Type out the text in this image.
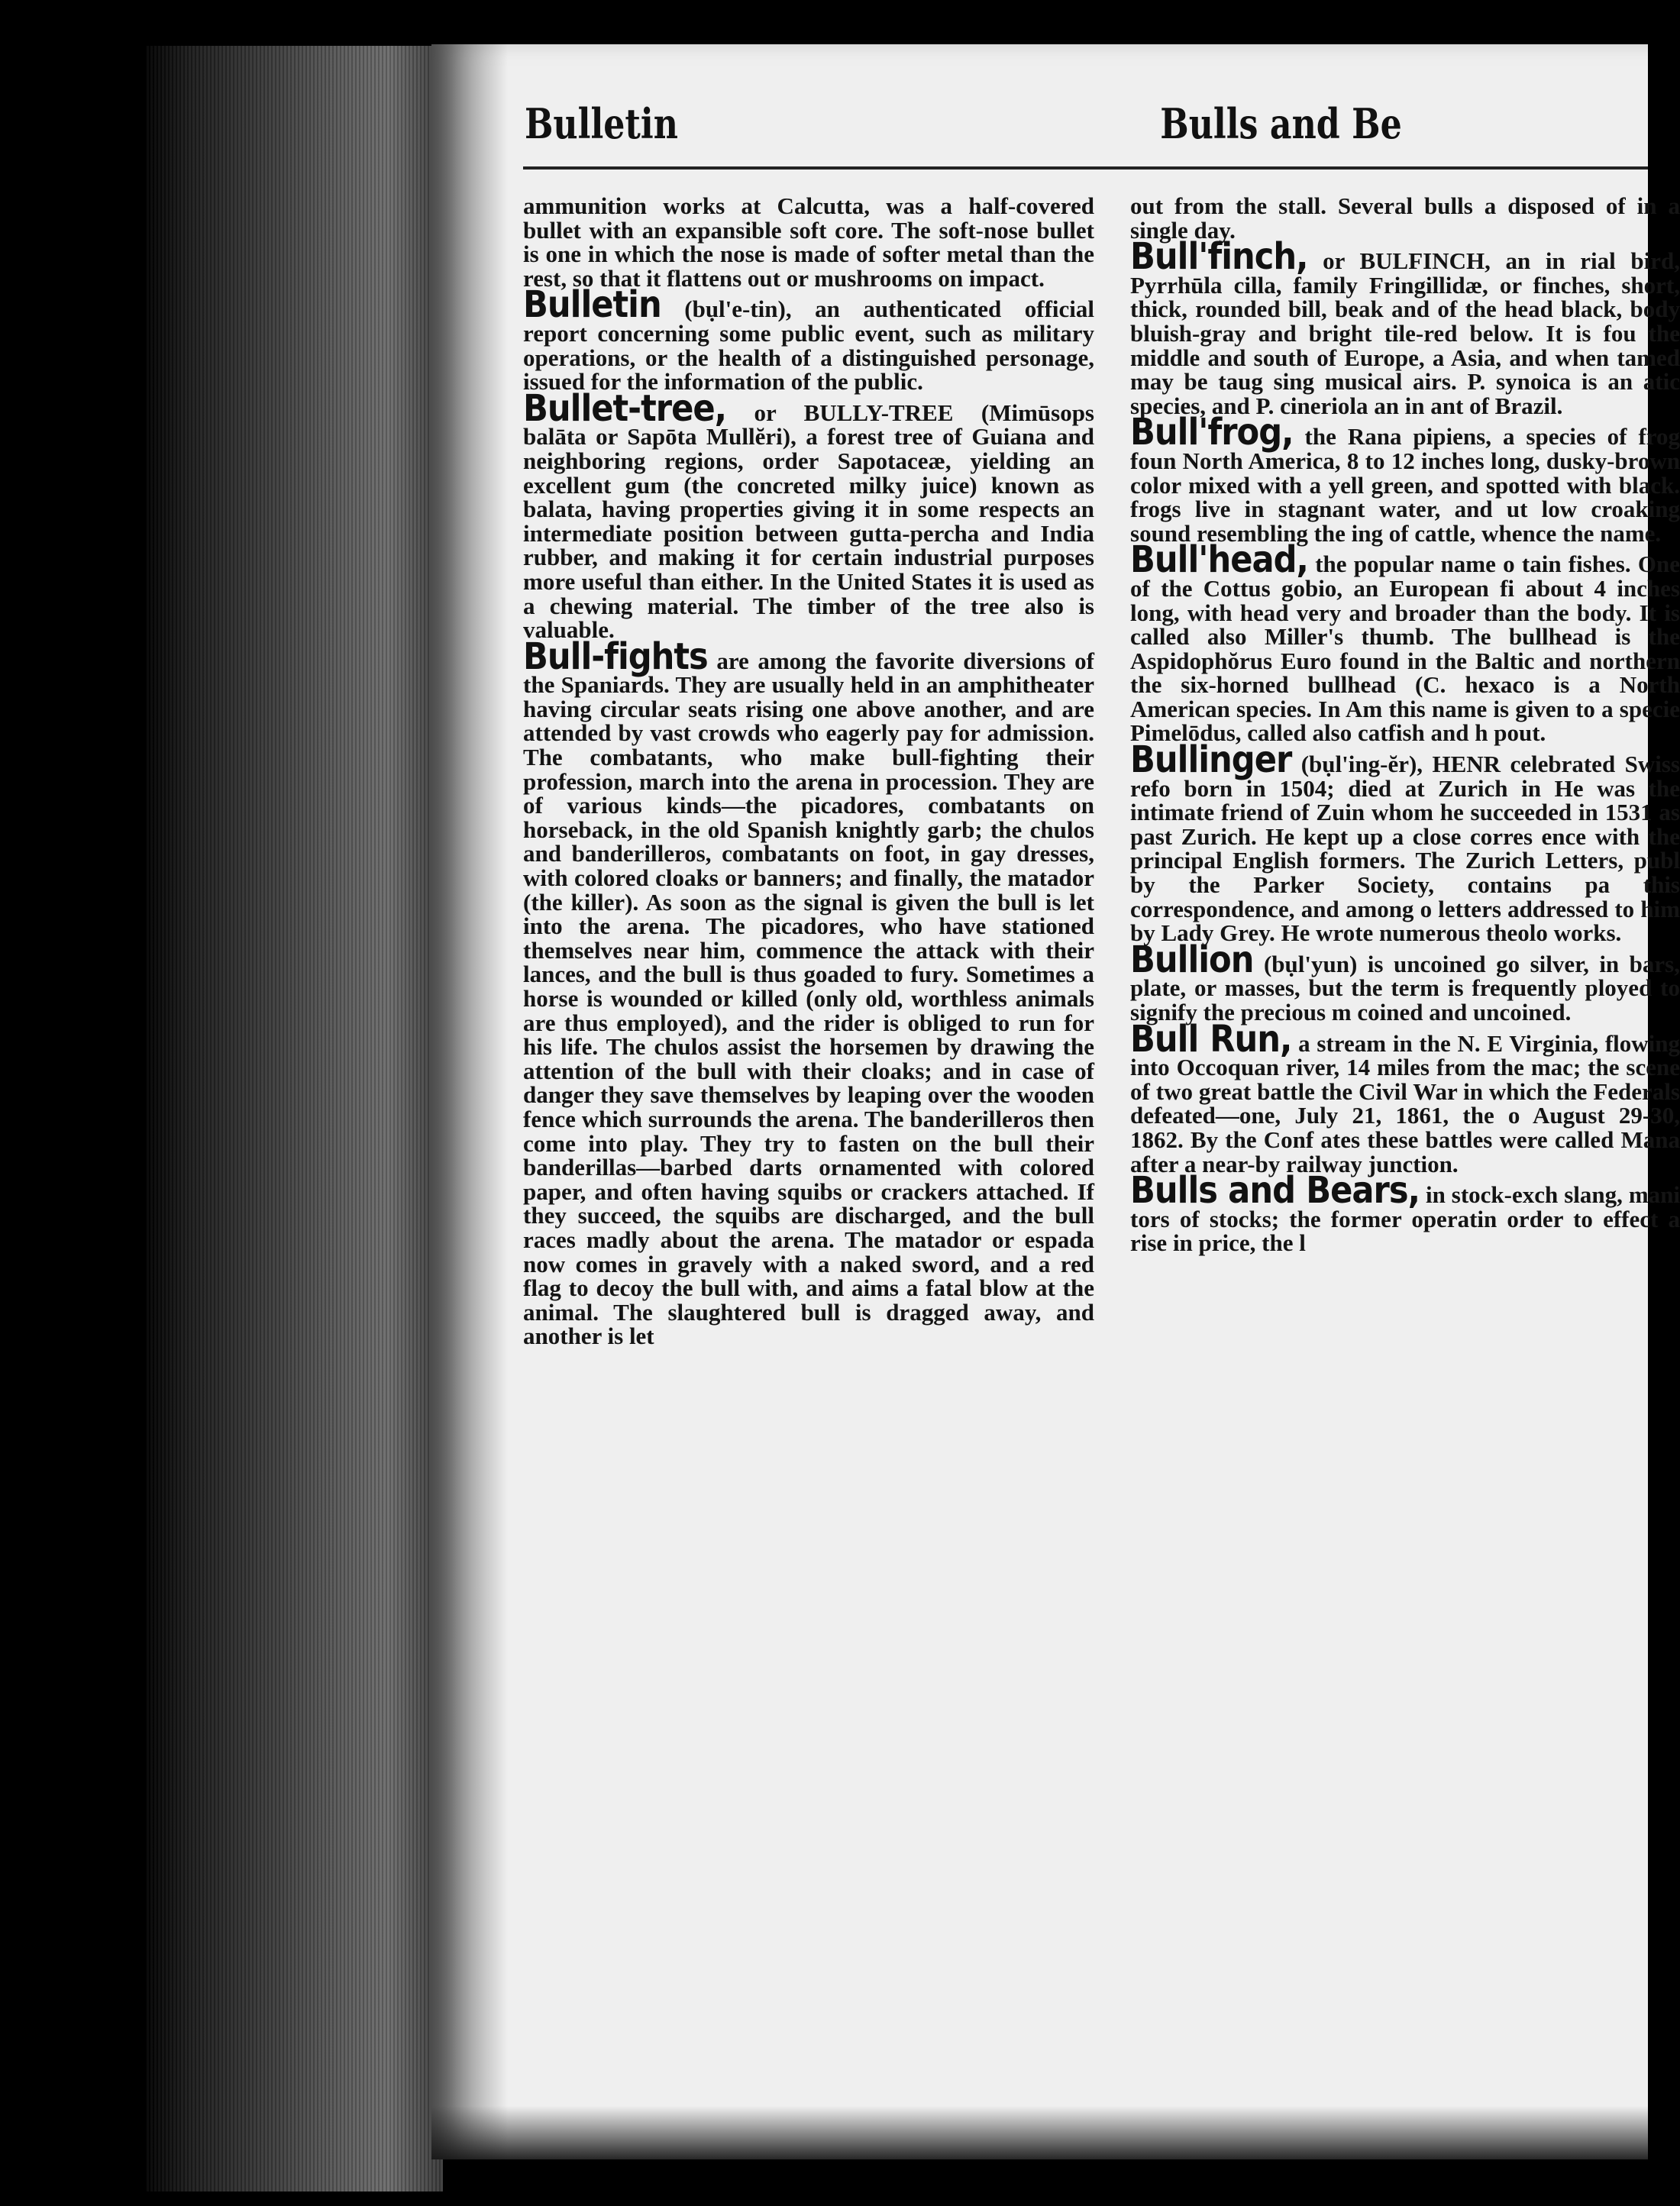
Bulletin	Bulls and Be

ammunition works at Calcutta, was a half-covered bullet with an expansible soft core. The soft-nose bullet is one in which the nose is made of softer metal than the rest, so that it flattens out or mushrooms on impact.

Bulletin (bụl'e-tin), an authenticated official report concerning some public event, such as military operations, or the health of a distinguished personage, issued for the information of the public.

Bullet-tree, or BULLY-TREE (Mimūsops balāta or Sapōta Mullĕri), a forest tree of Guiana and neighboring regions, order Sapotaceæ, yielding an excellent gum (the concreted milky juice) known as balata, having properties giving it in some respects an intermediate position between gutta-percha and India rubber, and making it for certain industrial purposes more useful than either. In the United States it is used as a chewing material. The timber of the tree also is valuable.

Bull-fights are among the favorite diversions of the Spaniards. They are usually held in an amphitheater having circular seats rising one above another, and are attended by vast crowds who eagerly pay for admission. The combatants, who make bull-fighting their profession, march into the arena in procession. They are of various kinds—the picadores, combatants on horseback, in the old Spanish knightly garb; the chulos and banderilleros, combatants on foot, in gay dresses, with colored cloaks or banners; and finally, the matador (the killer). As soon as the signal is given the bull is let into the arena. The picadores, who have stationed themselves near him, commence the attack with their lances, and the bull is thus goaded to fury. Sometimes a horse is wounded or killed (only old, worthless animals are thus employed), and the rider is obliged to run for his life. The chulos assist the horsemen by drawing the attention of the bull with their cloaks; and in case of danger they save themselves by leaping over the wooden fence which surrounds the arena. The banderilleros then come into play. They try to fasten on the bull their banderillas—barbed darts ornamented with colored paper, and often having squibs or crackers attached. If they succeed, the squibs are discharged, and the bull races madly about the arena. The matador or espada now comes in gravely with a naked sword, and a red flag to decoy the bull with, and aims a fatal blow at the animal. The slaughtered bull is dragged away, and another is let

out from the stall. Several bulls a disposed of in a single day.

Bull'finch, or BULFINCH, an in rial bird, Pyrrhūla cilla, family Fringillidæ, or finches, short, thick, rounded bill, beak and of the head black, body bluish-gray and bright tile-red below. It is fou the middle and south of Europe, a Asia, and when tamed may be taug sing musical airs. P. synoica is an atic species, and P. cineriola an in ant of Brazil.

Bull'frog, the Rana pipiens, a species of frog foun North America, 8 to 12 inches long, dusky-brown color mixed with a yell green, and spotted with black. frogs live in stagnant water, and ut low croaking sound resembling the ing of cattle, whence the name.

Bull'head, the popular name o tain fishes. One of the Cottus gobio, an European fi about 4 inches long, with head very and broader than the body. It is called also Miller's thumb. The bullhead is the Aspidophŏrus Euro found in the Baltic and northern the six-horned bullhead (C. hexaco is a North American species. In Am this name is given to a specie Pimelōdus, called also catfish and h pout.

Bullinger (bụl'ing-ĕr), HENR celebrated Swiss refo born in 1504; died at Zurich in He was the intimate friend of Zuin whom he succeeded in 1531 as past Zurich. He kept up a close corres ence with the principal English formers. The Zurich Letters, publ by the Parker Society, contains pa this correspondence, and among o letters addressed to him by Lady Grey. He wrote numerous theolo works.

Bullion (bụl'yun) is uncoined go silver, in bars, plate, or masses, but the term is frequently ployed to signify the precious m coined and uncoined.

Bull Run, a stream in the N. E Virginia, flowing into Occoquan river, 14 miles from the mac; the scene of two great battle the Civil War in which the Federals defeated—one, July 21, 1861, the o August 29-30, 1862. By the Conf ates these battles were called Mana after a near-by railway junction.

Bulls and Bears, in stock-exch slang, mani tors of stocks; the former operatin order to effect a rise in price, the l
